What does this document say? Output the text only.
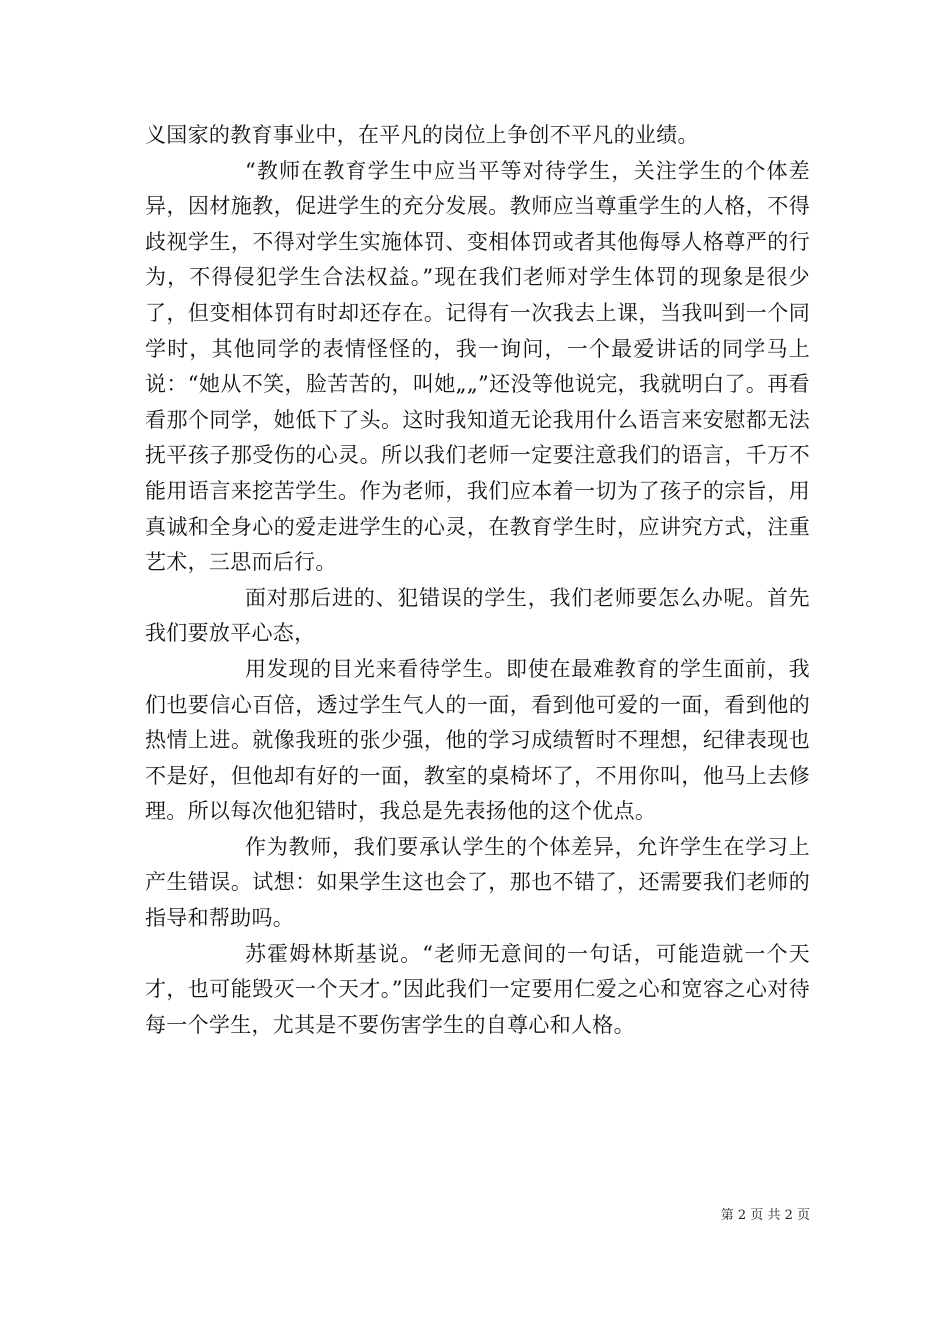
义国家的教育事业中，在平凡的岗位上争创不平凡的业绩。

“教师在教育学生中应当平等对待学生，关注学生的个体差异，因材施教，促进学生的充分发展。教师应当尊重学生的人格，不得歧视学生，不得对学生实施体罚、变相体罚或者其他侮辱人格尊严的行为，不得侵犯学生合法权益。”现在我们老师对学生体罚的现象是很少了，但变相体罚有时却还存在。记得有一次我去上课，当我叫到一个同学时，其他同学的表情怪怪的，我一询问，一个最爱讲话的同学马上说：“她从不笑，脸苦苦的，叫她„„”还没等他说完，我就明白了。再看看那个同学，她低下了头。这时我知道无论我用什么语言来安慰都无法抚平孩子那受伤的心灵。所以我们老师一定要注意我们的语言，千万不能用语言来挖苦学生。作为老师，我们应本着一切为了孩子的宗旨，用真诚和全身心的爱走进学生的心灵，在教育学生时，应讲究方式，注重艺术，三思而后行。

面对那后进的、犯错误的学生，我们老师要怎么办呢。首先我们要放平心态，

用发现的目光来看待学生。即使在最难教育的学生面前，我们也要信心百倍，透过学生气人的一面，看到他可爱的一面，看到他的热情上进。就像我班的张少强，他的学习成绩暂时不理想，纪律表现也不是好，但他却有好的一面，教室的桌椅坏了，不用你叫，他马上去修理。所以每次他犯错时，我总是先表扬他的这个优点。

作为教师，我们要承认学生的个体差异，允许学生在学习上产生错误。试想：如果学生这也会了，那也不错了，还需要我们老师的指导和帮助吗。

苏霍姆林斯基说。“老师无意间的一句话，可能造就一个天才，也可能毁灭一个天才。”因此我们一定要用仁爱之心和宽容之心对待每一个学生，尤其是不要伤害学生的自尊心和人格。

第 2 页 共 2 页
